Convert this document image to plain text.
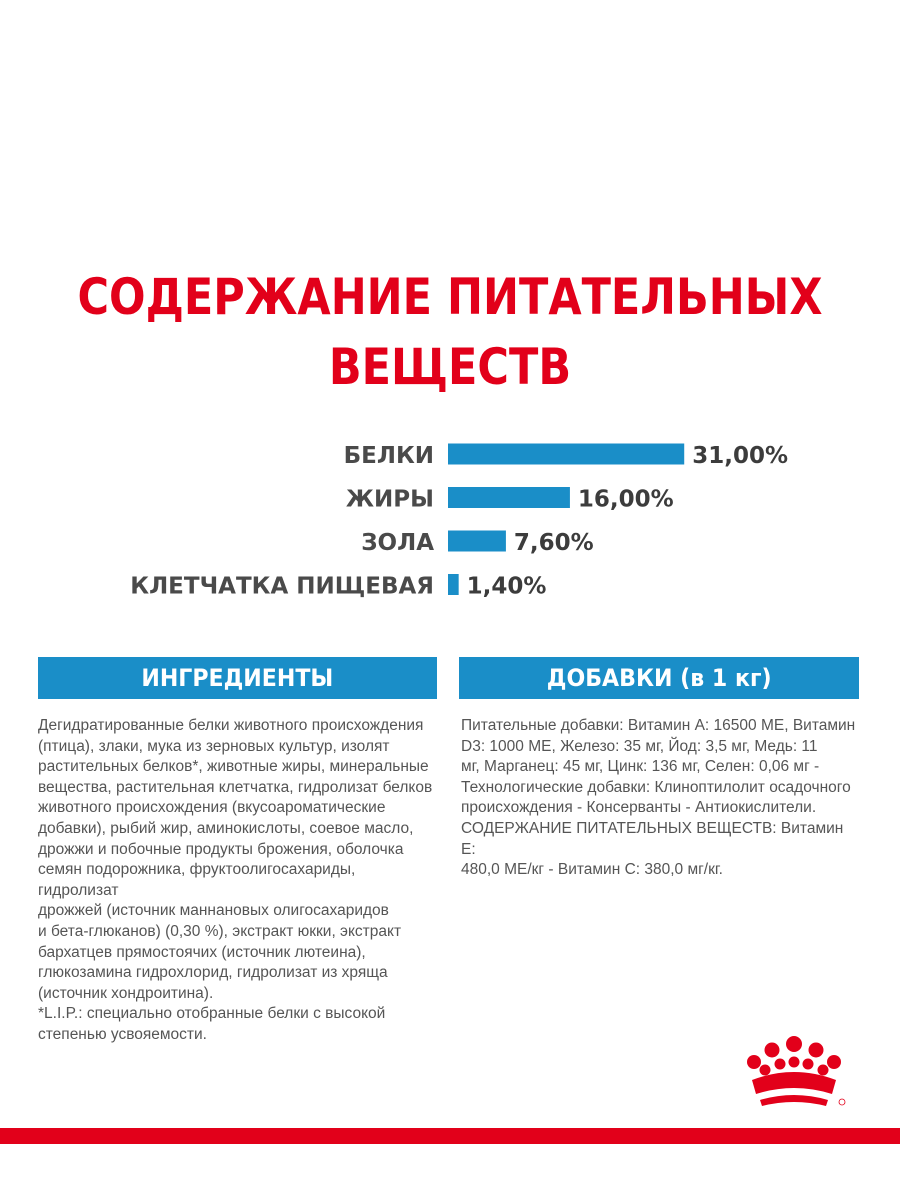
СОДЕРЖАНИЕ ПИТАТЕЛЬНЫХ
ВЕЩЕСТВ
БЕЛКИ	31,00%
ЖИРЫ	16,00%
ЗОЛА	7,60%
КЛЕТЧАТКА ПИЩЕВАЯ 1,40%
ИНГРЕДИЕНТЫ	ДОБАВКИ (в 1 кг)

Дегидратированные белки животного происхождения
(птица), злаки, мука из зерновых культур, изолят
растительных белков*, животные жиры, минеральные
вещества, растительная клетчатка, гидролизат белков
животного происхождения (вкусоароматические
добавки), рыбий жир, аминокислоты, соевое масло,
дрожжи и побочные продукты брожения, оболочка
семян подорожника, фруктоолигосахариды, гидролизат
дрожжей (источник маннановых олигосахаридов
и бета-глюканов) (0,30 %), экстракт юкки, экстракт
бархатцев прямостоячих (источник лютеина),
глюкозамина гидрохлорид, гидролизат из хряща
(источник хондроитина).
*L.I.P.: специально отобранные белки с высокой
степенью усвояемости.

Питательные добавки: Витамин А: 16500 МЕ, Витамин
D3: 1000 МЕ, Железо: 35 мг, Йод: 3,5 мг, Медь: 11
мг, Марганец: 45 мг, Цинк: 136 мг, Селен: 0,06 мг -
Технологические добавки: Клинοптилолит осадочного
происхождения - Консерванты - Антиокислители.
СОДЕРЖАНИЕ ПИТАТЕЛЬНЫХ ВЕЩЕСТВ: Витамин Е:
480,0 МЕ/кг - Витамин С: 380,0 мг/кг.
